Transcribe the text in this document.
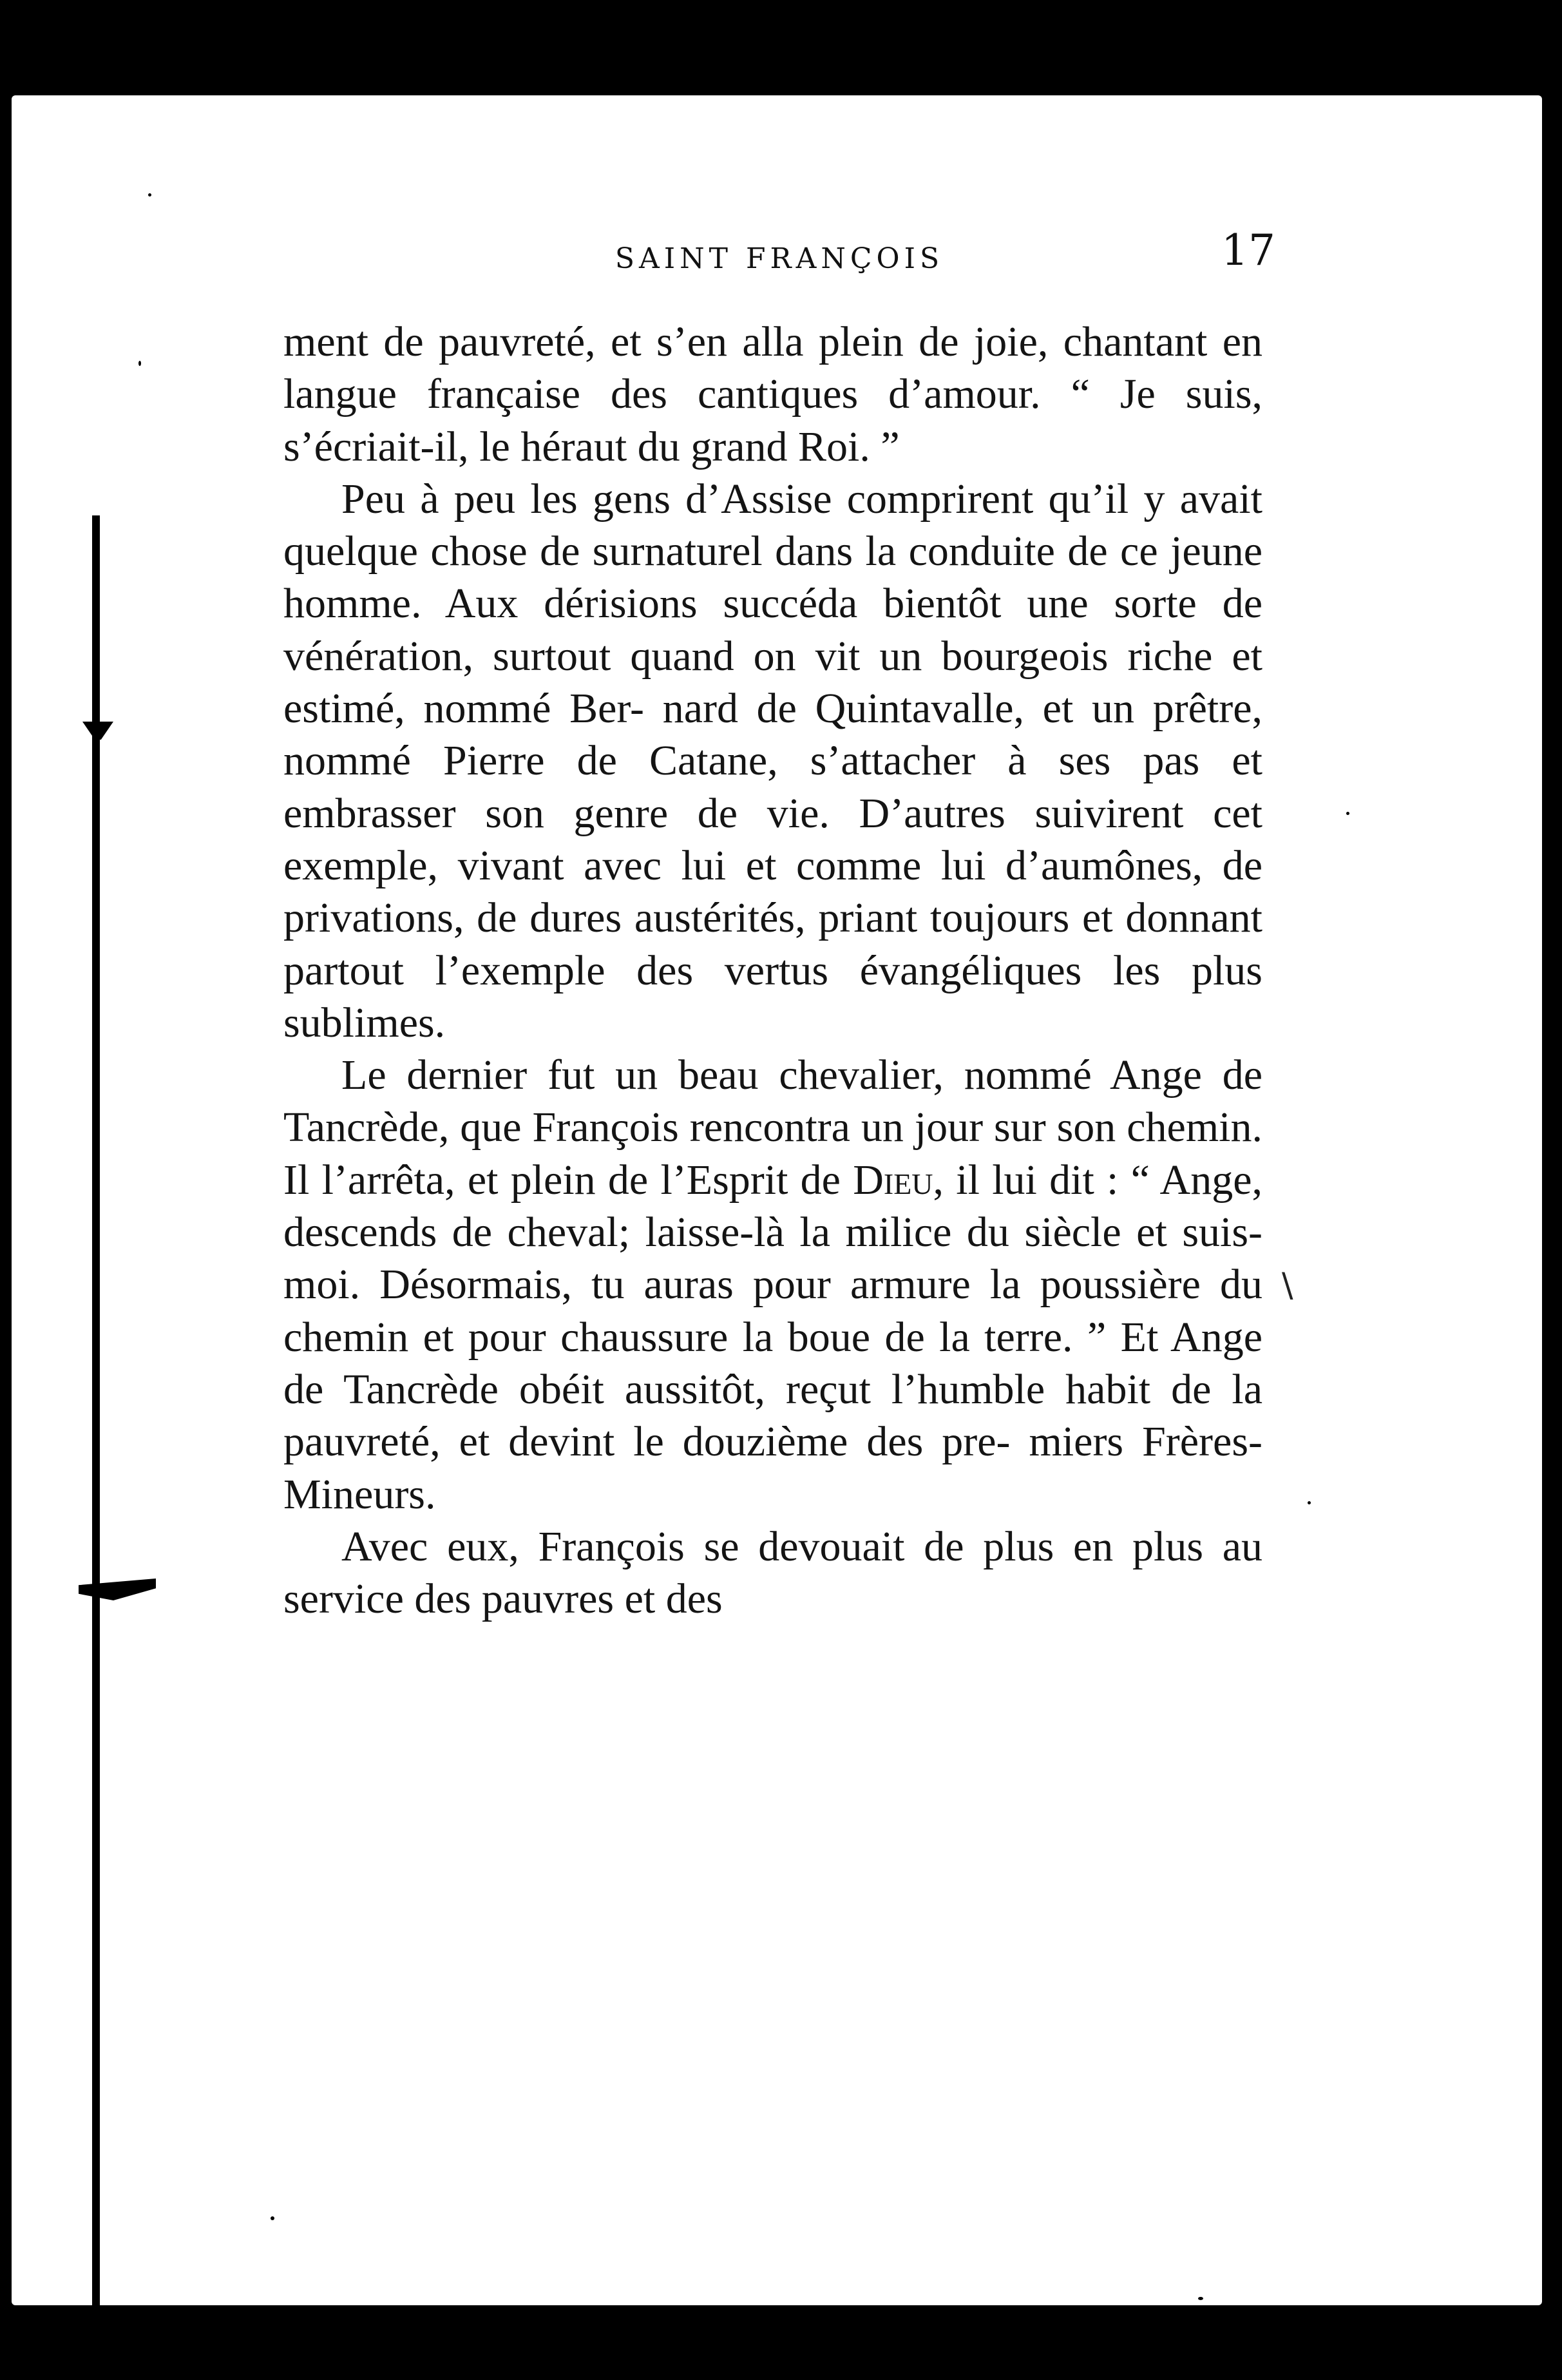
SAINT FRANÇOIS	17

ment de pauvreté, et s’en alla plein de joie, chantant en langue française des cantiques d’amour. “ Je suis, s’écriait-il, le héraut du grand Roi. ”

Peu à peu les gens d’Assise comprirent qu’il y avait quelque chose de surnaturel dans la conduite de ce jeune homme. Aux dérisions succéda bientôt une sorte de vénération, surtout quand on vit un bourgeois riche et estimé, nommé Ber- nard de Quintavalle, et un prêtre, nommé Pierre de Catane, s’attacher à ses pas et embrasser son genre de vie. D’autres suivirent cet exemple, vivant avec lui et comme lui d’aumônes, de privations, de dures austérités, priant toujours et donnant partout l’exemple des vertus évangéliques les plus sublimes.

Le dernier fut un beau chevalier, nommé Ange de Tancrède, que François rencontra un jour sur son chemin. Il l’arrêta, et plein de l’Esprit de Dieu, il lui dit : “ Ange, descends de cheval; laisse-là la milice du siècle et suis-moi. Désormais, tu auras pour armure la poussière du chemin et pour chaussure la boue de la terre. ” Et Ange de Tancrède obéit aussitôt, reçut l’humble habit de la pauvreté, et devint le douzième des pre- miers Frères-Mineurs.

Avec eux, François se devouait de plus en plus au service des pauvres et des

\
